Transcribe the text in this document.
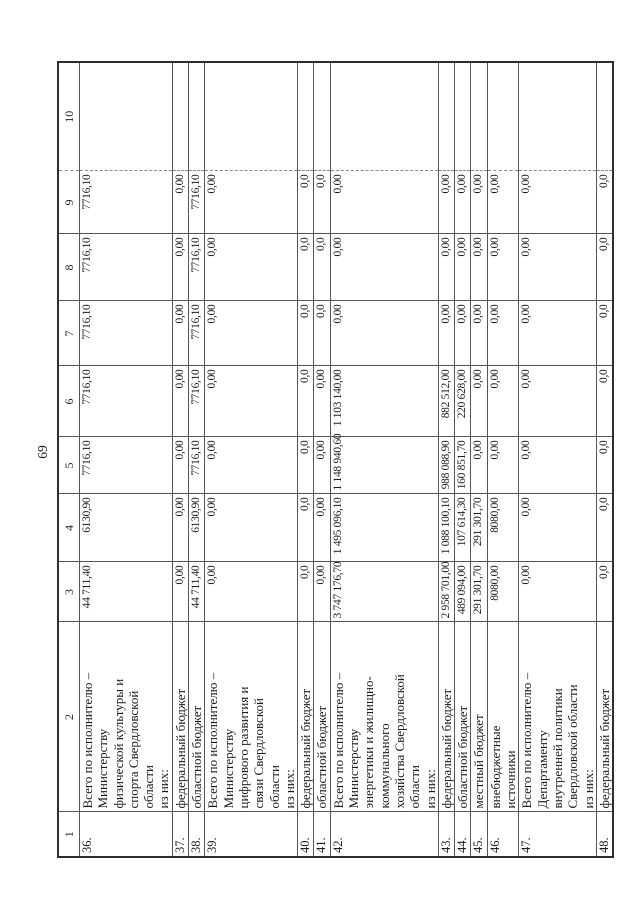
69
1	2	3	4	5	6	7	8	9	10
36.	Всего по исполнителю –
Министерству
физической культуры и
спорта Свердловской
области
из них:	44 711,40	6130,90	7716,10	7716,10	7716,10	7716,10	7716,10	
37.	федеральный бюджет	0,00	0,00	0,00	0,00	0,00	0,00	0,00	
38.	областной бюджет	44 711,40	6130,90	7716,10	7716,10	7716,10	7716,10	7716,10	
39.	Всего по исполнителю –
Министерству
цифрового развития и
связи Свердловской
области
из них:	0,00	0,00	0,00	0,00	0,00	0,00	0,00	
40.	федеральный бюджет	0,0	0,0	0,0	0,0	0,0	0,0	0,0	
41.	областной бюджет	0,00	0,00	0,00	0,00	0,0	0,0	0,0	
42.	Всего по исполнителю –
Министерству
энергетики и жилищно-
коммунального
хозяйства Свердловской
области
из них:	3 747 176,70	1 495 096,10	1 148 940,60	1 103 140,00	0,00	0,00	0,00	
43.	федеральный бюджет	2 958 701,00	1 088 100,10	988 088,90	882 512,00	0,00	0,00	0,00	
44.	областной бюджет	489 094,00	107 614,30	160 851,70	220 628,00	0,00	0,00	0,00	
45.	местный бюджет	291 301,70	291 301,70	0,00	0,00	0,00	0,00	0,00	
46.	внебюджетные
источники	8080,00	8080,00	0,00	0,00	0,00	0,00	0,00	
47.	Всего по исполнителю –
Департаменту
внутренней политики
Свердловской области
из них:	0,00	0,00	0,00	0,00	0,00	0,00	0,00	
48.	федеральный бюджет	0,0	0,0	0,0	0,0	0,0	0,0	0,0	
